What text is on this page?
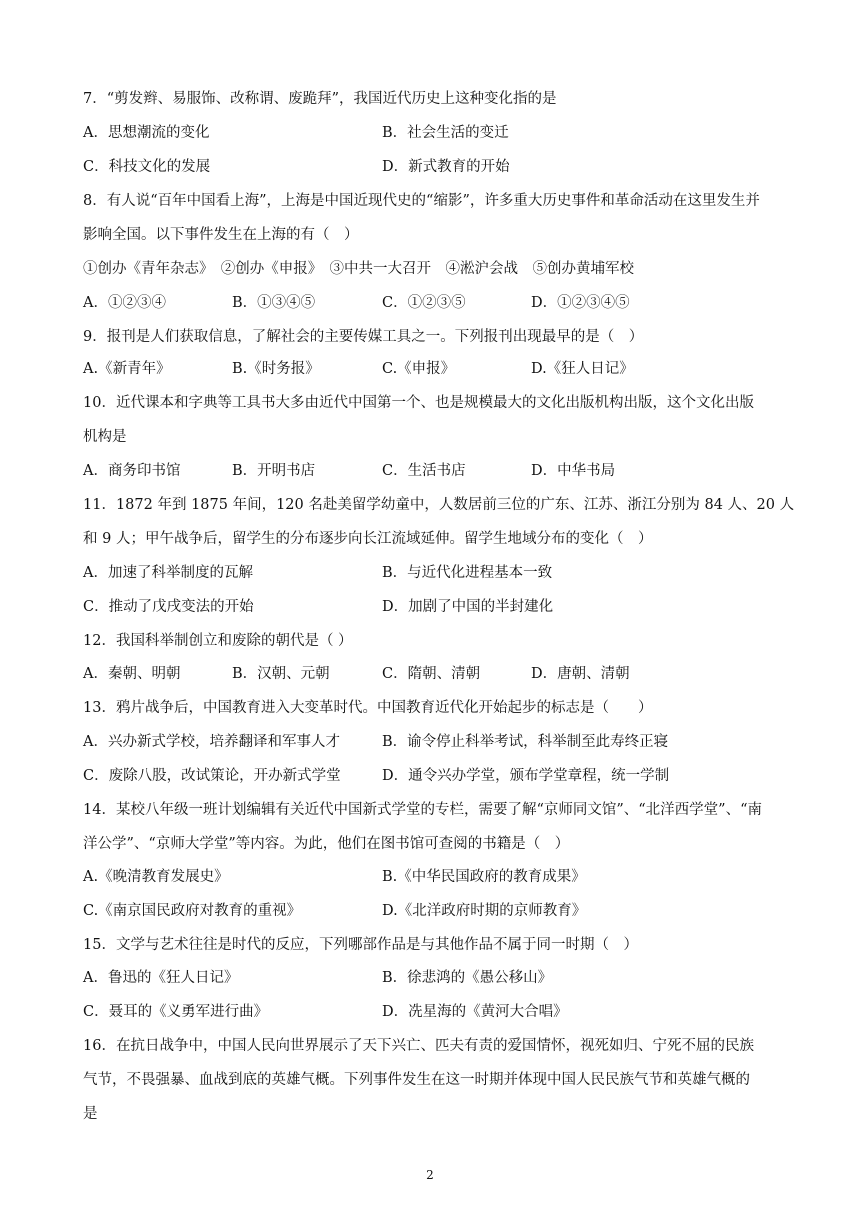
7．“剪发辫、易服饰、改称谓、废跪拜”，我国近代历史上这种变化指的是
A．思想潮流的变化	B．社会生活的变迁
C．科技文化的发展	D．新式教育的开始
8．有人说“百年中国看上海”，上海是中国近现代史的“缩影”，许多重大历史事件和革命活动在这里发生并
影响全国。以下事件发生在上海的有（　）
①创办《青年杂志》　②创办《申报》　③中共一大召开　④淞沪会战　⑤创办黄埔军校
A．①②③④	B．①③④⑤	C．①②③⑤	D．①②③④⑤
9．报刊是人们获取信息，了解社会的主要传媒工具之一。下列报刊出现最早的是（　）
A.《新青年》	B.《时务报》	C.《申报》	D.《狂人日记》
10．近代课本和字典等工具书大多由近代中国第一个、也是规模最大的文化出版机构出版，这个文化出版
机构是
A．商务印书馆	B．开明书店	C．生活书店	D．中华书局
11．1872 年到 1875 年间，120 名赴美留学幼童中，人数居前三位的广东、江苏、浙江分别为 84 人、20 人
和 9 人；甲午战争后，留学生的分布逐步向长江流域延伸。留学生地域分布的变化（　）
A．加速了科举制度的瓦解	B．与近代化进程基本一致
C．推动了戊戌变法的开始	D．加剧了中国的半封建化
12．我国科举制创立和废除的朝代是（ ）
A．秦朝、明朝	B．汉朝、元朝	C．隋朝、清朝	D．唐朝、清朝
13．鸦片战争后，中国教育进入大变革时代。中国教育近代化开始起步的标志是（　　）
A．兴办新式学校，培养翻译和军事人才	B．谕令停止科举考试，科举制至此寿终正寝
C．废除八股，改试策论，开办新式学堂	D．通令兴办学堂，颁布学堂章程，统一学制
14．某校八年级一班计划编辑有关近代中国新式学堂的专栏，需要了解“京师同文馆”、“北洋西学堂”、“南
洋公学”、“京师大学堂”等内容。为此，他们在图书馆可查阅的书籍是（　）
A.《晚清教育发展史》	B.《中华民国政府的教育成果》
C.《南京国民政府对教育的重视》	D.《北洋政府时期的京师教育》
15．文学与艺术往往是时代的反应，下列哪部作品是与其他作品不属于同一时期（　）
A．鲁迅的《狂人日记》	B．徐悲鸿的《愚公移山》
C．聂耳的《义勇军进行曲》	D．冼星海的《黄河大合唱》
16．在抗日战争中，中国人民向世界展示了天下兴亡、匹夫有责的爱国情怀，视死如归、宁死不屈的民族
气节，不畏强暴、血战到底的英雄气概。下列事件发生在这一时期并体现中国人民民族气节和英雄气概的
是
2
